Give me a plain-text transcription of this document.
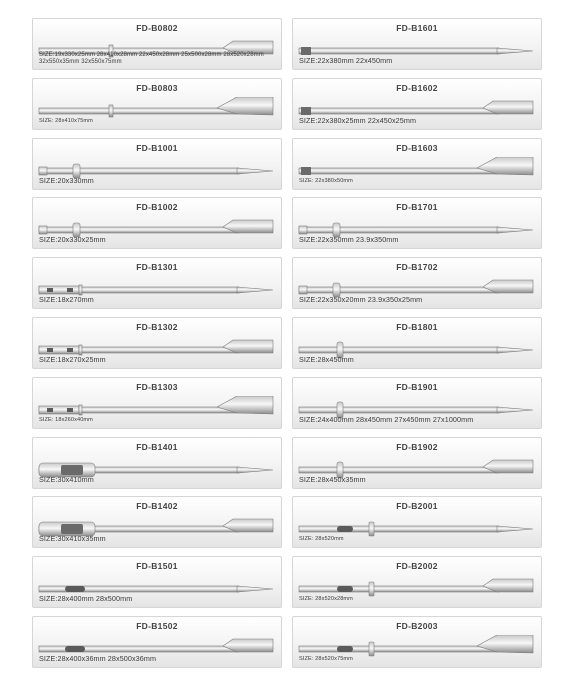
FD-B0802
SIZE:19x330x25mm 28x410x28mm 22x450x28mm 25x500x28mm 28x520x28mm 32x550x35mm 32x550x75mm
FD-B0803
SIZE: 28x410x75mm
FD-B1001
SIZE:20x330mm
FD-B1002
SIZE:20x330x25mm
FD-B1301
SIZE:18x270mm
FD-B1302
SIZE:18x270x25mm
FD-B1303
SIZE: 18x260x40mm
FD-B1401
SIZE:30x410mm
FD-B1402
SIZE:30x410x35mm
FD-B1501
SIZE:28x400mm 28x500mm
FD-B1502
SIZE:28x400x36mm 28x500x36mm
FD-B1601
SIZE:22x380mm 22x450mm
FD-B1602
SIZE:22x380x25mm 22x450x25mm
FD-B1603
SIZE: 22x380x50mm
FD-B1701
SIZE:22x350mm 23.9x350mm
FD-B1702
SIZE:22x350x20mm 23.9x350x25mm
FD-B1801
SIZE:28x450mm
FD-B1901
SIZE:24x400mm 28x450mm 27x450mm 27x1000mm
FD-B1902
SIZE:28x450x35mm
FD-B2001
SIZE: 28x520mm
FD-B2002
SIZE: 28x520x28mm
FD-B2003
SIZE: 28x520x75mm
